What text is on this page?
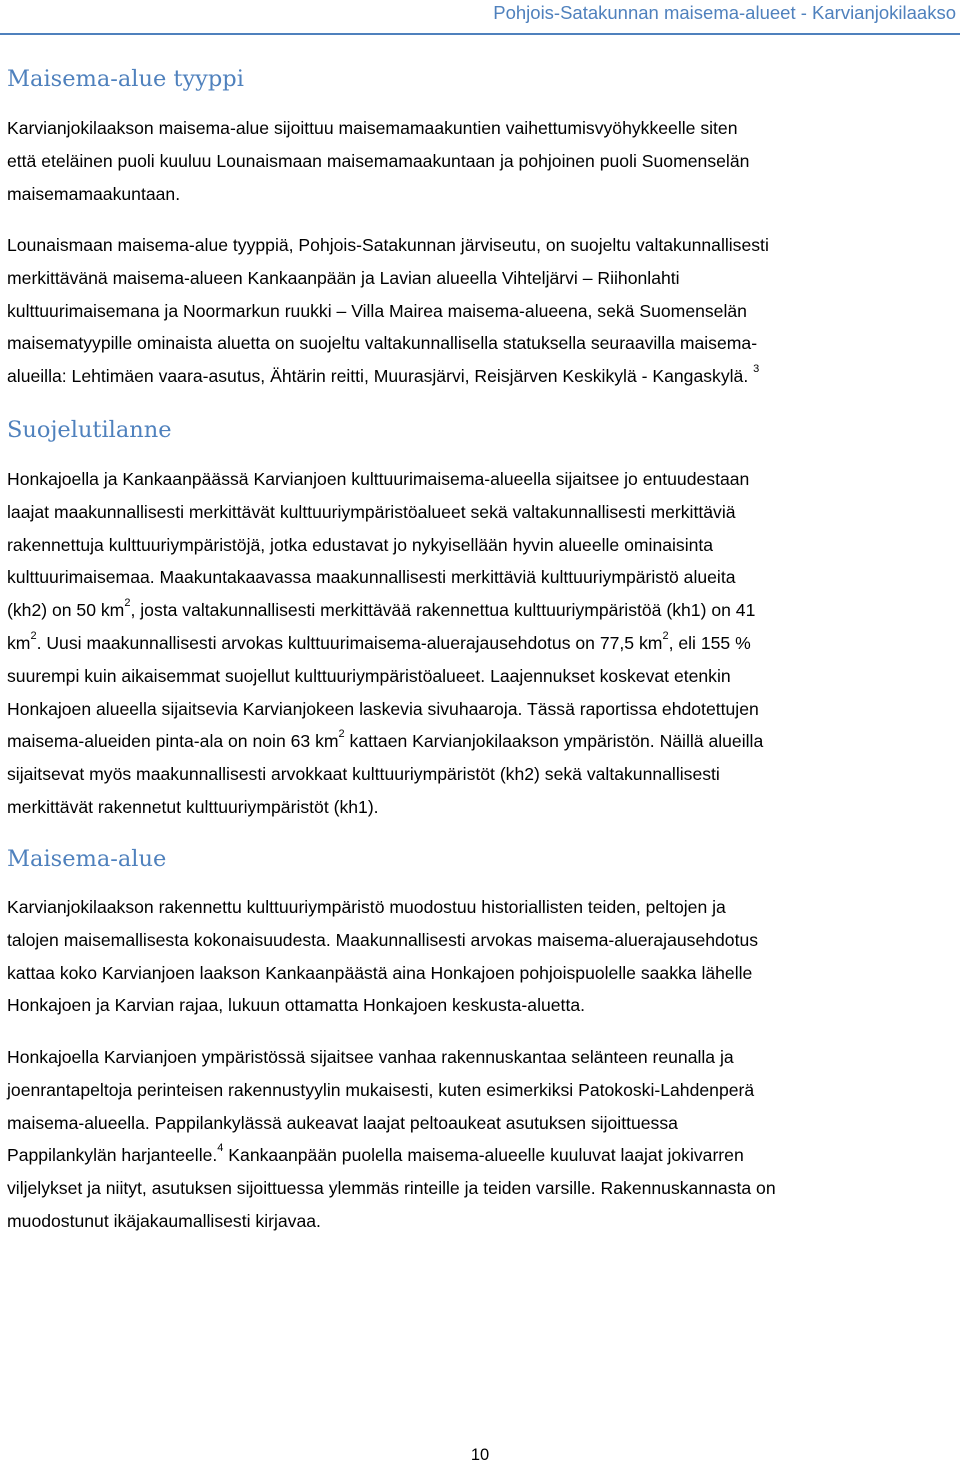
Pohjois-Satakunnan maisema-alueet - Karvianjokilaakso
Maisema-alue tyyppi
Karvianjokilaakson maisema-alue sijoittuu maisemamaakuntien vaihettumisvyöhykkeelle siten
että eteläinen puoli kuuluu Lounaismaan maisemamaakuntaan ja pohjoinen puoli Suomenselän
maisemamaakuntaan.
Lounaismaan maisema-alue tyyppiä, Pohjois-Satakunnan järviseutu, on suojeltu valtakunnallisesti
merkittävänä maisema-alueen Kankaanpään ja Lavian alueella Vihteljärvi – Riihonlahti
kulttuurimaisemana ja Noormarkun ruukki – Villa Mairea maisema-alueena, sekä Suomenselän
maisematyypille ominaista aluetta on suojeltu valtakunnallisella statuksella seuraavilla maisema-
alueilla: Lehtimäen vaara-asutus, Ähtärin reitti, Muurasjärvi, Reisjärven Keskikylä - Kangaskylä. $^3$
Suojelutilanne
Honkajoella ja Kankaanpäässä Karvianjoen kulttuurimaisema-alueella sijaitsee jo entuudestaan
laajat maakunnallisesti merkittävät kulttuuriympäristöalueet sekä valtakunnallisesti merkittäviä
rakennettuja kulttuuriympäristöjä, jotka edustavat jo nykyisellään hyvin alueelle ominaisinta
kulttuurimaisemaa. Maakuntakaavassa maakunnallisesti merkittäviä kulttuuriympäristö alueita
(kh2) on 50 $km^2$, josta valtakunnallisesti merkittävää rakennettua kulttuuriympäristöä (kh1) on 41
$km^2$. Uusi maakunnallisesti arvokas kulttuurimaisema-aluerajausehdotus on 77,5 $km^2$, eli 155 %
suurempi kuin aikaisemmat suojellut kulttuuriympäristöalueet. Laajennukset koskevat etenkin
Honkajoen alueella sijaitsevia Karvianjokeen laskevia sivuhaaroja. Tässä raportissa ehdotettujen
maisema-alueiden pinta-ala on noin 63 $km^2$ kattaen Karvianjokilaakson ympäristön. Näillä alueilla
sijaitsevat myös maakunnallisesti arvokkaat kulttuuriympäristöt (kh2) sekä valtakunnallisesti
merkittävät rakennetut kulttuuriympäristöt (kh1).
Maisema-alue
Karvianjokilaakson rakennettu kulttuuriympäristö muodostuu historiallisten teiden, peltojen ja
talojen maisemallisesta kokonaisuudesta. Maakunnallisesti arvokas maisema-aluerajausehdotus
kattaa koko Karvianjoen laakson Kankaanpäästä aina Honkajoen pohjoispuolelle saakka lähelle
Honkajoen ja Karvian rajaa, lukuun ottamatta Honkajoen keskusta-aluetta.
Honkajoella Karvianjoen ympäristössä sijaitsee vanhaa rakennuskantaa selänteen reunalla ja
joenrantapeltoja perinteisen rakennustyylin mukaisesti, kuten esimerkiksi Patokoski-Lahdenperä
maisema-alueella. Pappilankylässä aukeavat laajat peltoaukeat asutuksen sijoittuessa
Pappilankylän harjanteelle.$^4$ Kankaanpään puolella maisema-alueelle kuuluvat laajat jokivarren
viljelykset ja niityt, asutuksen sijoittuessa ylemmäs rinteille ja teiden varsille. Rakennuskannasta on
muodostunut ikäjakaumallisesti kirjavaa.
10
